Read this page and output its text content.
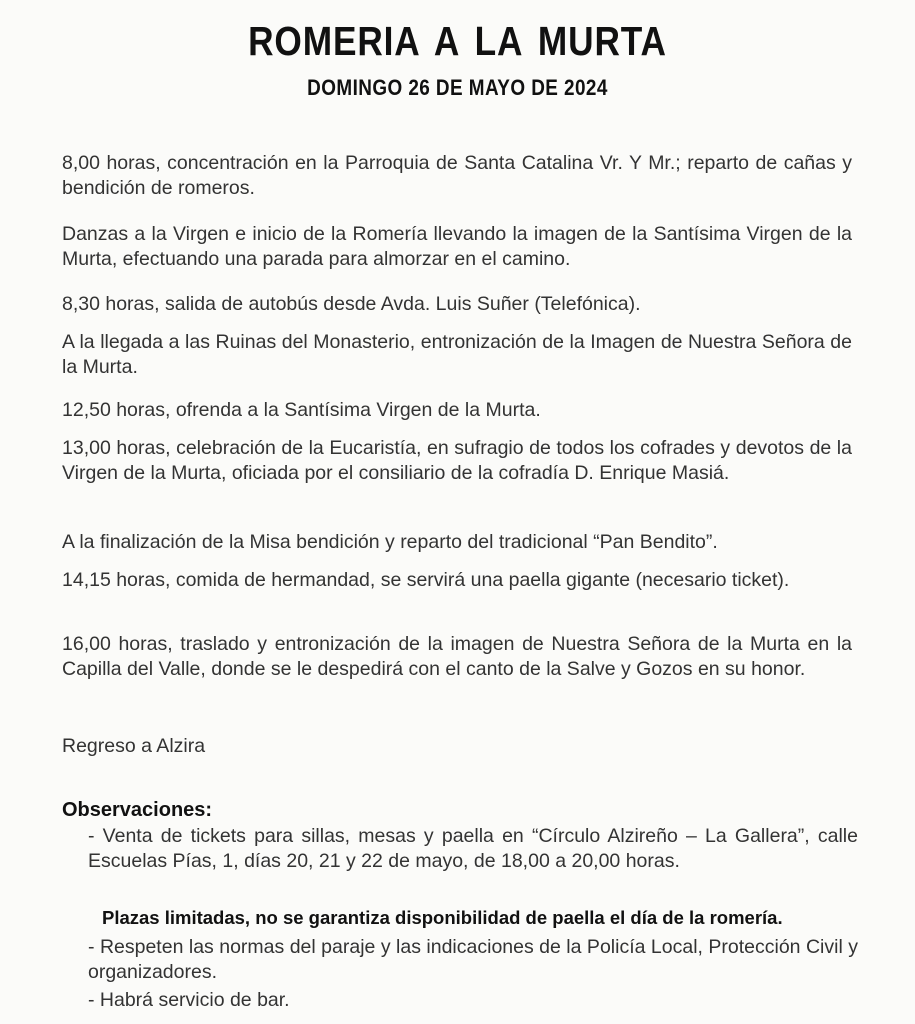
ROMERIA A LA MURTA
DOMINGO 26 DE MAYO DE 2024

8,00 horas, concentración en la Parroquia de Santa Catalina Vr. Y Mr.; reparto de cañas y bendición de romeros.

Danzas a la Virgen e inicio de la Romería llevando la imagen de la Santísima Virgen de la Murta, efectuando una parada para almorzar en el camino.

8,30 horas, salida de autobús desde Avda. Luis Suñer (Telefónica).

A la llegada a las Ruinas del Monasterio, entronización de la Imagen de Nuestra Señora de la Murta.

12,50 horas, ofrenda a la Santísima Virgen de la Murta.

13,00 horas, celebración de la Eucaristía, en sufragio de todos los cofrades y devotos de la Virgen de la Murta, oficiada por el consiliario de la cofradía D. Enrique Masiá.

A la finalización de la Misa bendición y reparto del tradicional “Pan Bendito”.

14,15 horas, comida de hermandad, se servirá una paella gigante (necesario ticket).

16,00 horas, traslado y entronización de la imagen de Nuestra Señora de la Murta en la Capilla del Valle, donde se le despedirá con el canto de la Salve y Gozos en su honor.

Regreso a Alzira

Observaciones:

- Venta de tickets para sillas, mesas y paella en “Círculo Alzireño – La Gallera”, calle Escuelas Pías, 1, días 20, 21 y 22 de mayo, de 18,00 a 20,00 horas.

Plazas limitadas, no se garantiza disponibilidad de paella el día de la romería.

- Respeten las normas del paraje y las indicaciones de la Policía Local, Protección Civil y organizadores.

- Habrá servicio de bar.
